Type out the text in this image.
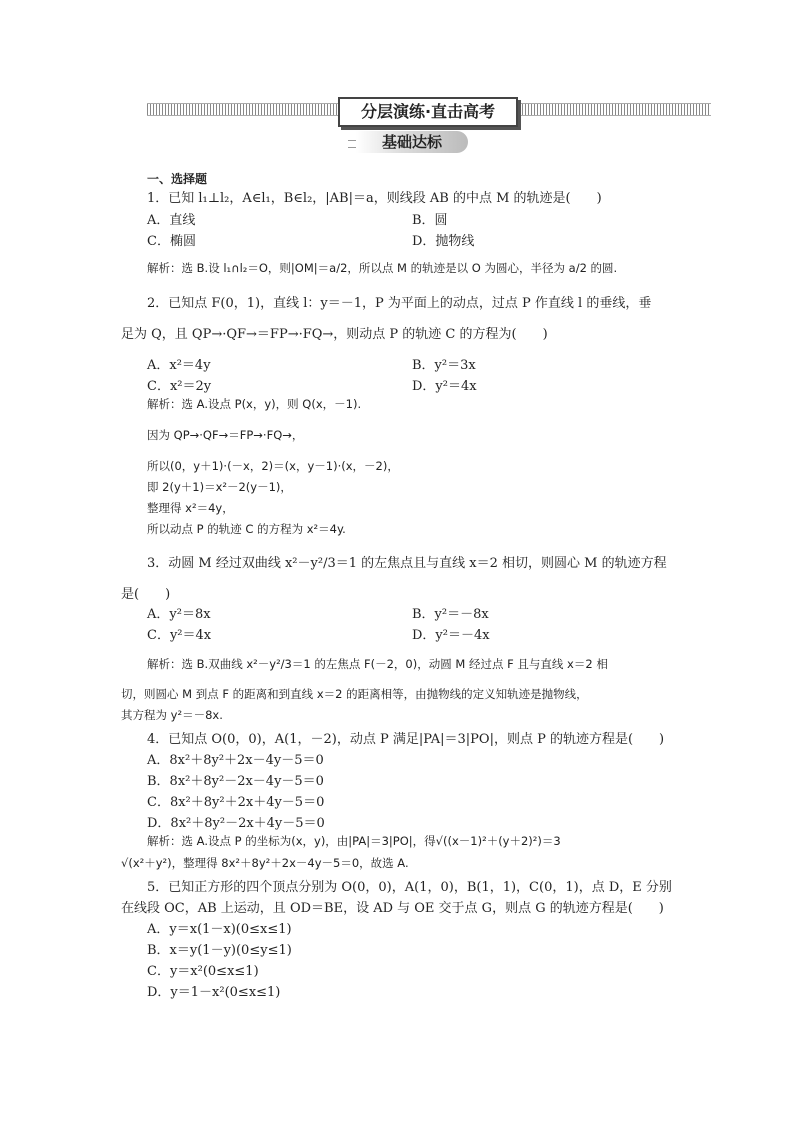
分层演练·直击高考
基础达标
一、选择题
1．已知 l₁⊥l₂，A∈l₁，B∈l₂，|AB|＝a，则线段 AB 的中点 M 的轨迹是(　　)
A．直线	B．圆
C．椭圆	D．抛物线
解析：选 B.设 l₁∩l₂＝O，则|OM|＝a/2，所以点 M 的轨迹是以 O 为圆心，半径为 a/2 的圆.
2．已知点 F(0，1)，直线 l：y＝－1，P 为平面上的动点，过点 P 作直线 l 的垂线，垂
足为 Q，且 QP→·QF→＝FP→·FQ→，则动点 P 的轨迹 C 的方程为(　　)
A．x²＝4y	B．y²＝3x
C．x²＝2y	D．y²＝4x
解析：选 A.设点 P(x，y)，则 Q(x，－1).
因为 QP→·QF→＝FP→·FQ→，
所以(0，y＋1)·(－x，2)＝(x，y－1)·(x，－2)，
即 2(y＋1)＝x²－2(y－1)，
整理得 x²＝4y，
所以动点 P 的轨迹 C 的方程为 x²＝4y.
3．动圆 M 经过双曲线 x²－y²/3＝1 的左焦点且与直线 x＝2 相切，则圆心 M 的轨迹方程
是(　　)
A．y²＝8x	B．y²＝－8x
C．y²＝4x	D．y²＝－4x
解析：选 B.双曲线 x²－y²/3＝1 的左焦点 F(－2，0)，动圆 M 经过点 F 且与直线 x＝2 相
切，则圆心 M 到点 F 的距离和到直线 x＝2 的距离相等，由抛物线的定义知轨迹是抛物线，
其方程为 y²＝－8x.
4．已知点 O(0，0)，A(1，－2)，动点 P 满足|PA|＝3|PO|，则点 P 的轨迹方程是(　　)
A．8x²＋8y²＋2x－4y－5＝0
B．8x²＋8y²－2x－4y－5＝0
C．8x²＋8y²＋2x＋4y－5＝0
D．8x²＋8y²－2x＋4y－5＝0
解析：选 A.设点 P 的坐标为(x，y)，由|PA|＝3|PO|，得√((x－1)²＋(y＋2)²)＝3
√(x²＋y²)，整理得 8x²＋8y²＋2x－4y－5＝0，故选 A.
5．已知正方形的四个顶点分别为 O(0，0)，A(1，0)，B(1，1)，C(0，1)，点 D，E 分别
在线段 OC，AB 上运动，且 OD＝BE，设 AD 与 OE 交于点 G，则点 G 的轨迹方程是(　　)
A．y＝x(1－x)(0≤x≤1)
B．x＝y(1－y)(0≤y≤1)
C．y＝x²(0≤x≤1)
D．y＝1－x²(0≤x≤1)
